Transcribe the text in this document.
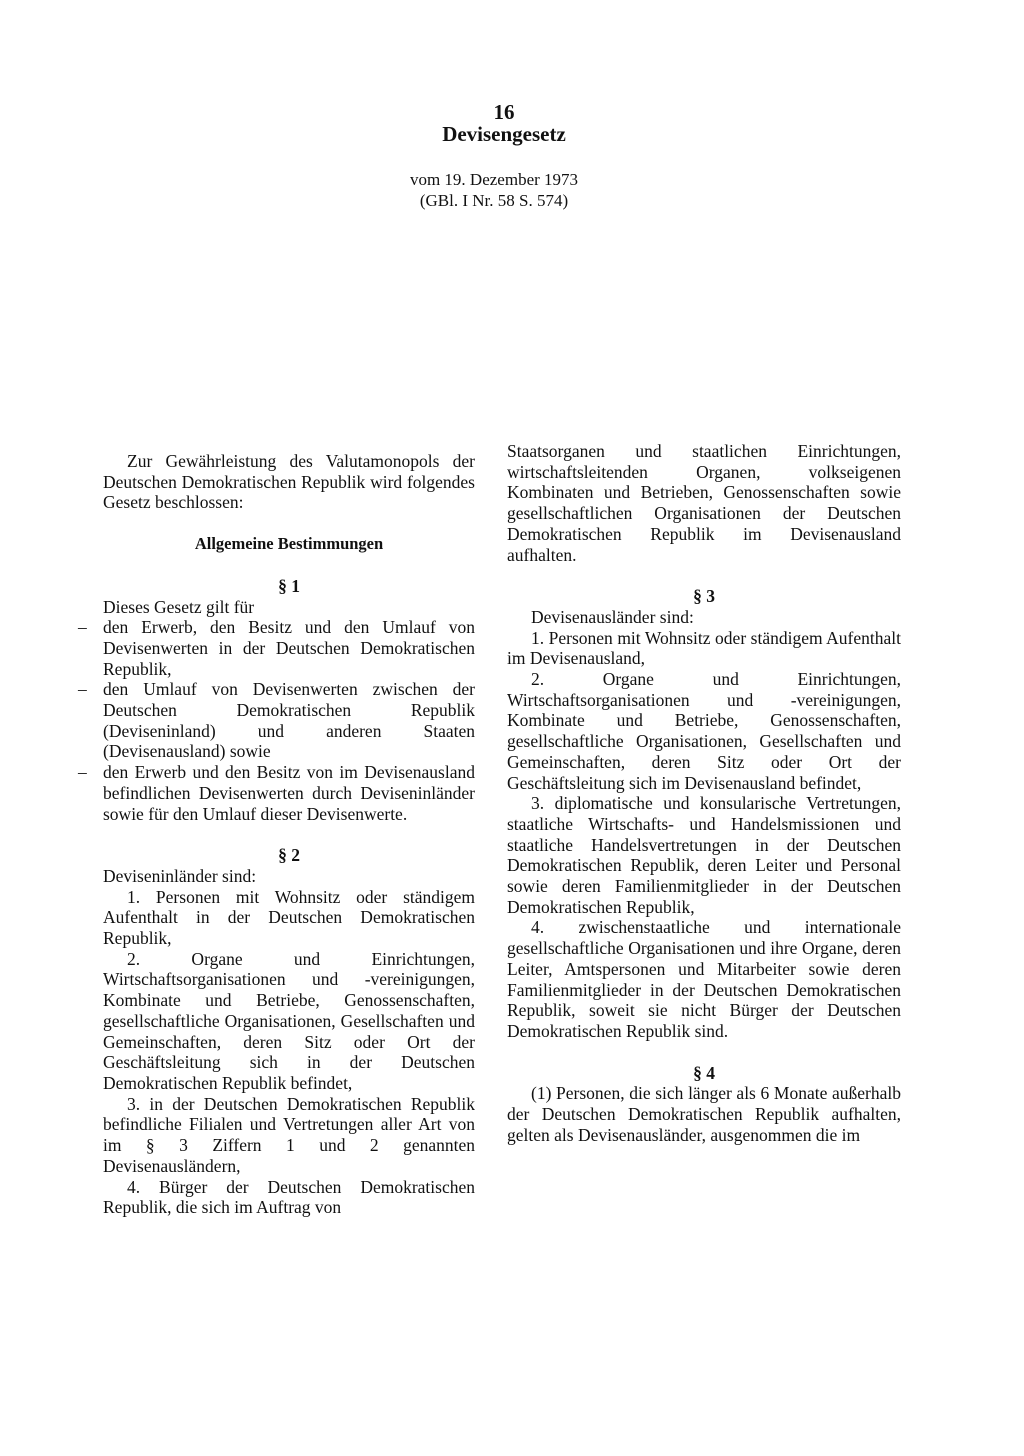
16
Devisengesetz
vom 19. Dezember 1973
(GBl. I Nr. 58 S. 574)

Zur Gewährleistung des Valutamonopols der Deutschen Demokratischen Republik wird folgendes Gesetz beschlossen:

Allgemeine Bestimmungen

§ 1

Dieses Gesetz gilt für

– den Erwerb, den Besitz und den Umlauf von Devisenwerten in der Deutschen Demokratischen Republik,

– den Umlauf von Devisenwerten zwischen der Deutschen Demokratischen Republik (Deviseninland) und anderen Staaten (Devisenausland) sowie

– den Erwerb und den Besitz von im Devisenausland befindlichen Devisenwerten durch Deviseninländer sowie für den Umlauf dieser Devisenwerte.

§ 2

Deviseninländer sind:

1. Personen mit Wohnsitz oder ständigem Aufenthalt in der Deutschen Demokratischen Republik,

2. Organe und Einrichtungen, Wirtschaftsorganisationen und -vereinigungen, Kombinate und Betriebe, Genossenschaften, gesellschaftliche Organisationen, Gesellschaften und Gemeinschaften, deren Sitz oder Ort der Geschäftsleitung sich in der Deutschen Demokratischen Republik befindet,

3. in der Deutschen Demokratischen Republik befindliche Filialen und Vertretungen aller Art von im § 3 Ziffern 1 und 2 genannten Devisenausländern,

4. Bürger der Deutschen Demokratischen Republik, die sich im Auftrag von

Staatsorganen und staatlichen Einrichtungen, wirtschaftsleitenden Organen, volkseigenen Kombinaten und Betrieben, Genossenschaften sowie gesellschaftlichen Organisationen der Deutschen Demokratischen Republik im Devisenausland aufhalten.

§ 3

Devisenausländer sind:

1. Personen mit Wohnsitz oder ständigem Aufenthalt im Devisenausland,

2. Organe und Einrichtungen, Wirtschaftsorganisationen und -vereinigungen, Kombinate und Betriebe, Genossenschaften, gesellschaftliche Organisationen, Gesellschaften und Gemeinschaften, deren Sitz oder Ort der Geschäftsleitung sich im Devisenausland befindet,

3. diplomatische und konsularische Vertretungen, staatliche Wirtschafts- und Handelsmissionen und staatliche Handelsvertretungen in der Deutschen Demokratischen Republik, deren Leiter und Personal sowie deren Familienmitglieder in der Deutschen Demokratischen Republik,

4. zwischenstaatliche und internationale gesellschaftliche Organisationen und ihre Organe, deren Leiter, Amtspersonen und Mitarbeiter sowie deren Familienmitglieder in der Deutschen Demokratischen Republik, soweit sie nicht Bürger der Deutschen Demokratischen Republik sind.

§ 4

(1) Personen, die sich länger als 6 Monate außerhalb der Deutschen Demokratischen Republik aufhalten, gelten als Devisenausländer, ausgenommen die im
